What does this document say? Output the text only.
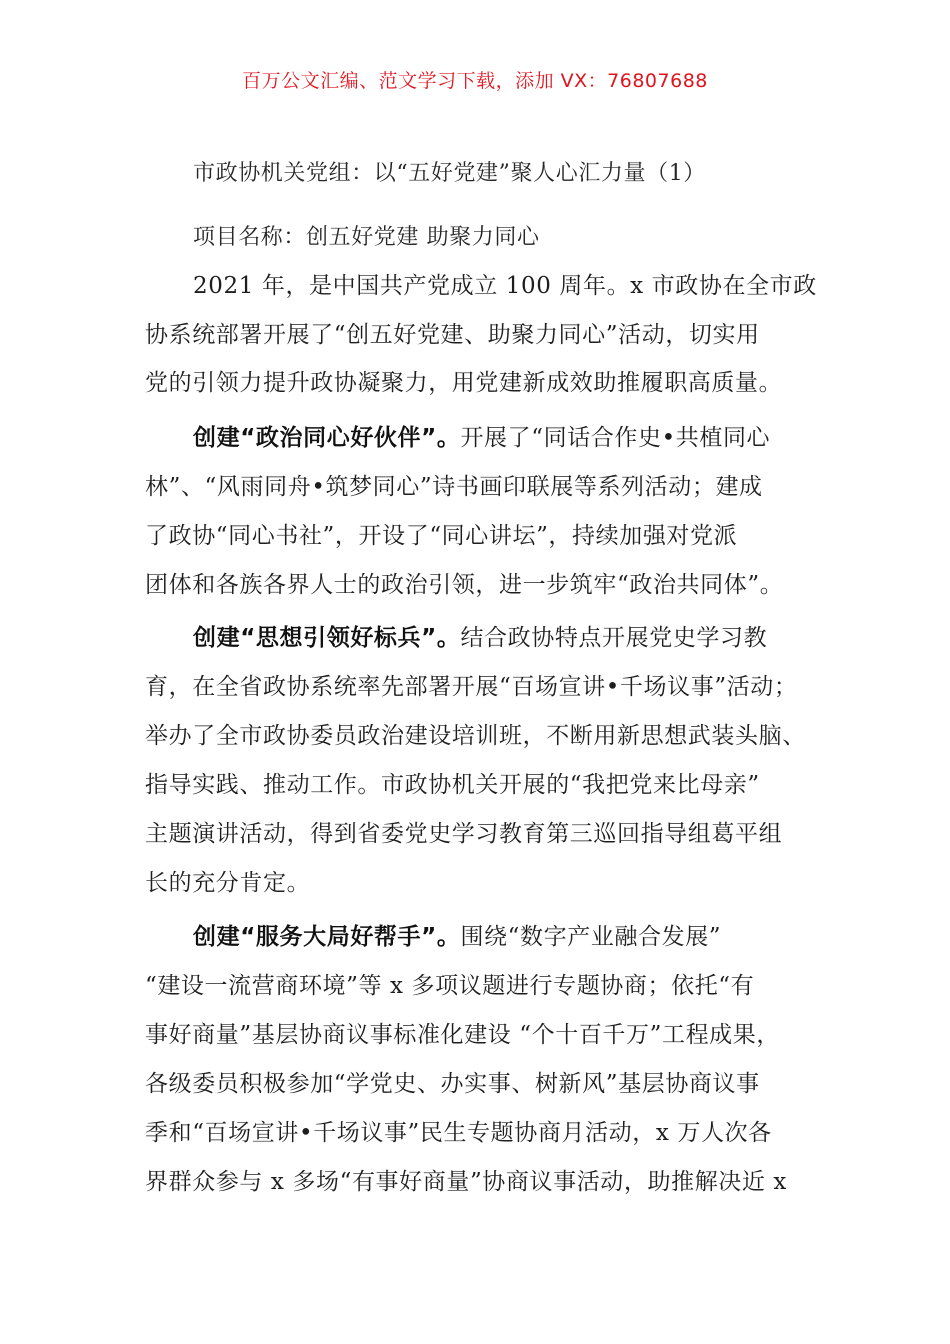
百万公文汇编、范文学习下载，添加 VX：76807688
市政协机关党组：以“五好党建”聚人心汇力量（1）
项目名称：创五好党建 助聚力同心
2021 年，是中国共产党成立 100 周年。x 市政协在全市政
协系统部署开展了“创五好党建、助聚力同心”活动，切实用
党的引领力提升政协凝聚力，用党建新成效助推履职高质量。
创建“政治同心好伙伴”。开展了“同话合作史•共植同心
林”、“风雨同舟•筑梦同心”诗书画印联展等系列活动；建成
了政协“同心书社”，开设了“同心讲坛”，持续加强对党派
团体和各族各界人士的政治引领，进一步筑牢“政治共同体”。
创建“思想引领好标兵”。结合政协特点开展党史学习教
育，在全省政协系统率先部署开展“百场宣讲•千场议事”活动；
举办了全市政协委员政治建设培训班，不断用新思想武装头脑、
指导实践、推动工作。市政协机关开展的“我把党来比母亲”
主题演讲活动，得到省委党史学习教育第三巡回指导组葛平组
长的充分肯定。
创建“服务大局好帮手”。围绕“数字产业融合发展”
“建设一流营商环境”等 x 多项议题进行专题协商；依托“有
事好商量”基层协商议事标准化建设 “个十百千万”工程成果，
各级委员积极参加“学党史、办实事、树新风”基层协商议事
季和“百场宣讲•千场议事”民生专题协商月活动，x 万人次各
界群众参与 x 多场“有事好商量”协商议事活动，助推解决近 x
